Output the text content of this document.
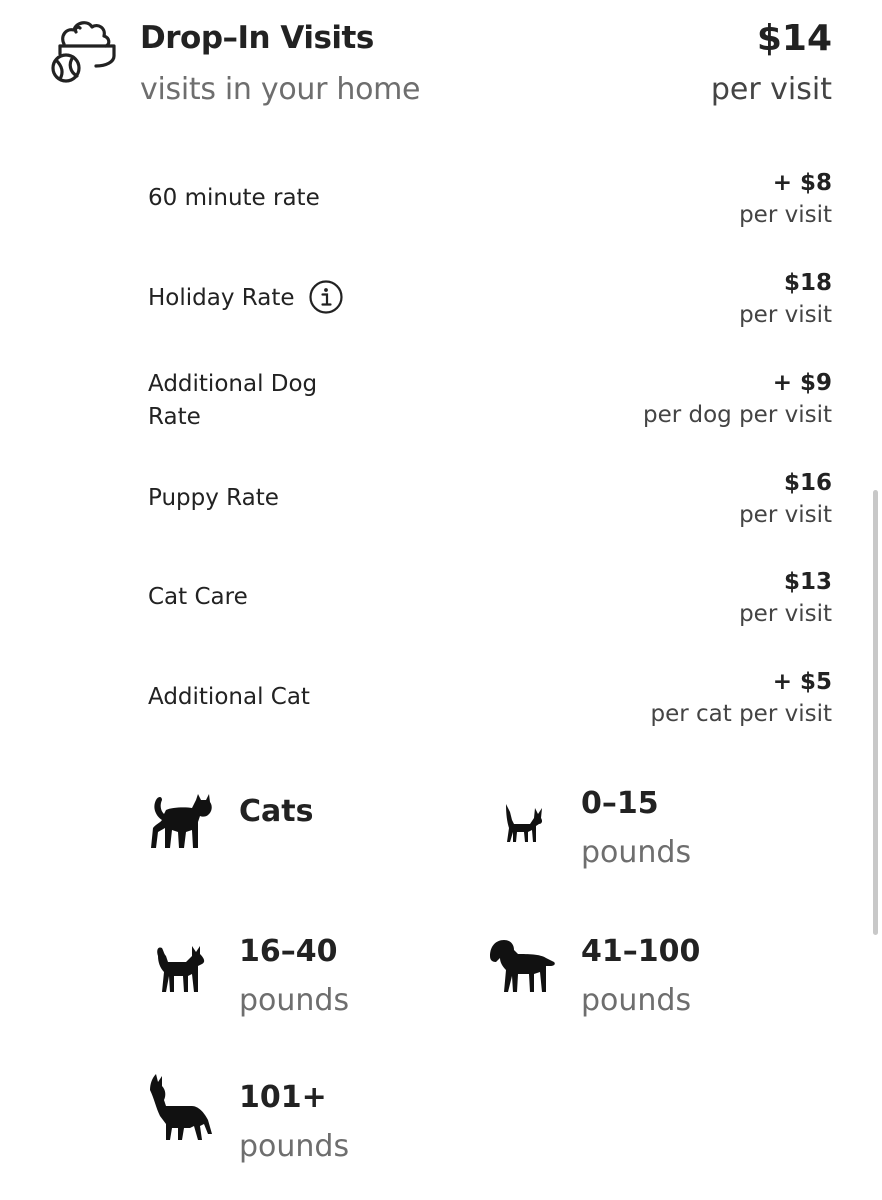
Drop–In Visits
visits in your home
$14
per visit
60 minute rate
+ $8
per visit
Holiday Rate
$18
per visit
Additional Dog Rate
+ $9
per dog per visit
Puppy Rate
$16
per visit
Cat Care
$13
per visit
Additional Cat
+ $5
per cat per visit
Cats	0–15
pounds
16–40
pounds
41–100
pounds
101+
pounds
